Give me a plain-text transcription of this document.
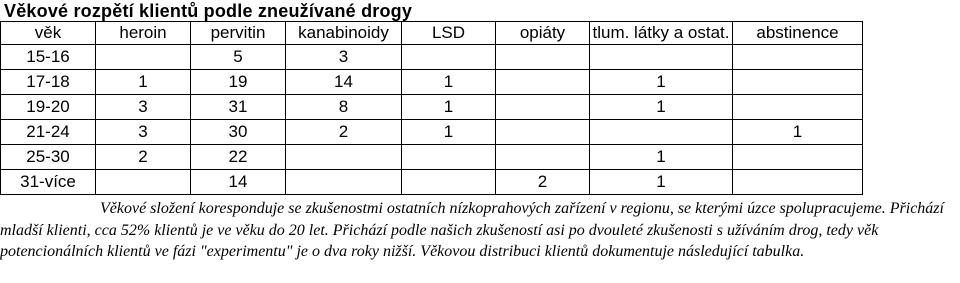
Věkové rozpětí klientů podle zneužívané drogy
věk	heroin	pervitin	kanabinoidy	LSD	opiáty	tlum. látky a ostat.	abstinence
15-16		5	3				
17-18	1	19	14	1		1	
19-20	3	31	8	1		1	
21-24	3	30	2	1			1
25-30	2	22				1	
31-více		14			2	1	
Věkové složení koresponduje se zkušenostmi ostatních nízkoprahových zařízení v regionu, se kterými úzce spolupracujeme. Přichází mladší klienti, cca 52% klientů je ve věku do 20 let. Přichází podle našich zkušeností asi po dvouleté zkušenosti s užíváním drog, tedy věk potencionálních klientů ve fázi "experimentu" je o dva roky nižší. Věkovou distribuci klientů dokumentuje následující tabulka.
